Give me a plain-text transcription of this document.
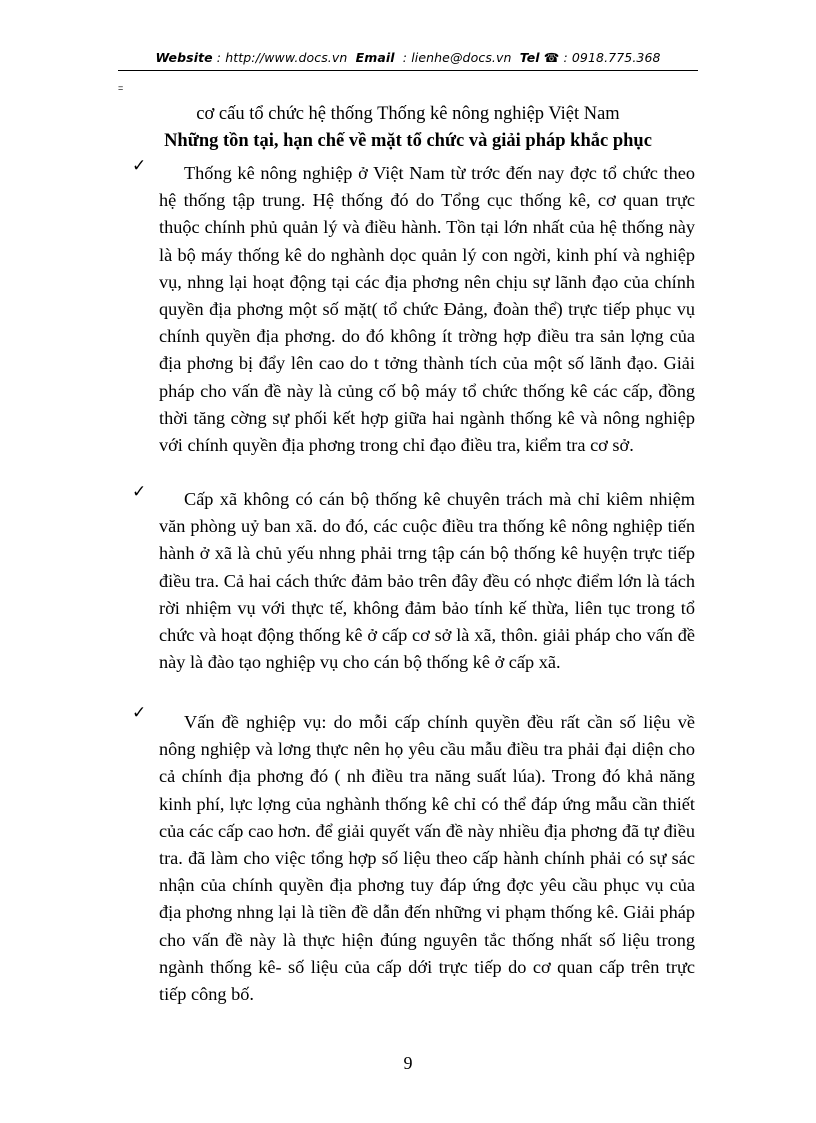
Website : http://www.docs.vn Email  : lienhe@docs.vn Tel ☎ : 0918.775.368
=
cơ cấu tổ chức hệ thống Thống kê nông nghiệp Việt Nam
Những tồn tại, hạn chế về mặt tổ chức và giải pháp khắc phục
✓	Thống kê nông nghiệp ở Việt Nam từ trớc đến nay đợc tổ chức theo hệ thống tập trung. Hệ thống đó do Tổng cục thống kê, cơ quan trực thuộc chính phủ quản lý và điều hành. Tồn tại lớn nhất của hệ thống này là bộ máy thống kê do nghành dọc quản lý con ngời, kinh phí và nghiệp vụ, nhng lại hoạt động tại các địa phơng nên chịu sự lãnh đạo của chính quyền địa phơng một số mặt( tổ chức Đảng, đoàn thể) trực tiếp phục vụ chính quyền địa phơng. do đó không ít trờng hợp điều tra sản lợng của địa phơng bị đẩy lên cao do t tởng thành tích của một số lãnh đạo. Giải pháp cho vấn đề này là củng cố bộ máy tổ chức thống kê các cấp, đồng thời tăng cờng sự phối kết hợp giữa hai ngành thống kê và nông nghiệp với chính quyền địa phơng trong chỉ đạo điều tra, kiểm tra cơ sở.

✓	Cấp xã không có cán bộ thống kê chuyên trách mà chỉ kiêm nhiệm văn phòng uỷ ban xã. do đó, các cuộc điều tra thống kê nông nghiệp tiến hành ở xã là chủ yếu nhng phải trng tập cán bộ thống kê huyện trực tiếp điều tra. Cả hai cách thức đảm bảo trên đây đều có nhợc điểm lớn là tách rời nhiệm vụ với thực tế, không đảm bảo tính kế thừa, liên tục trong tổ chức và hoạt động thống kê ở cấp cơ sở là xã, thôn. giải pháp cho vấn đề này là đào tạo nghiệp vụ cho cán bộ thống kê ở cấp xã.

✓	Vấn đề nghiệp vụ: do mỗi cấp chính quyền đều rất cần số liệu về nông nghiệp và lơng thực nên họ yêu cầu mẫu điều tra phải đại diện cho cả chính địa phơng đó ( nh điều tra năng suất lúa). Trong đó khả năng kinh phí, lực lợng của nghành thống kê chỉ có thể đáp ứng mẫu cần thiết của các cấp cao hơn. để giải quyết vấn đề này nhiều địa phơng đã tự điều tra. đã làm cho việc tổng hợp số liệu theo cấp hành chính phải có sự sác nhận của chính quyền địa phơng tuy đáp ứng đợc yêu cầu phục vụ của địa phơng nhng lại là tiền đề dẫn đến những vi phạm thống kê. Giải pháp cho vấn đề này là thực hiện đúng nguyên tắc thống nhất số liệu trong ngành thống kê- số liệu của cấp dới trực tiếp do cơ quan cấp trên trực tiếp công bố.

9
